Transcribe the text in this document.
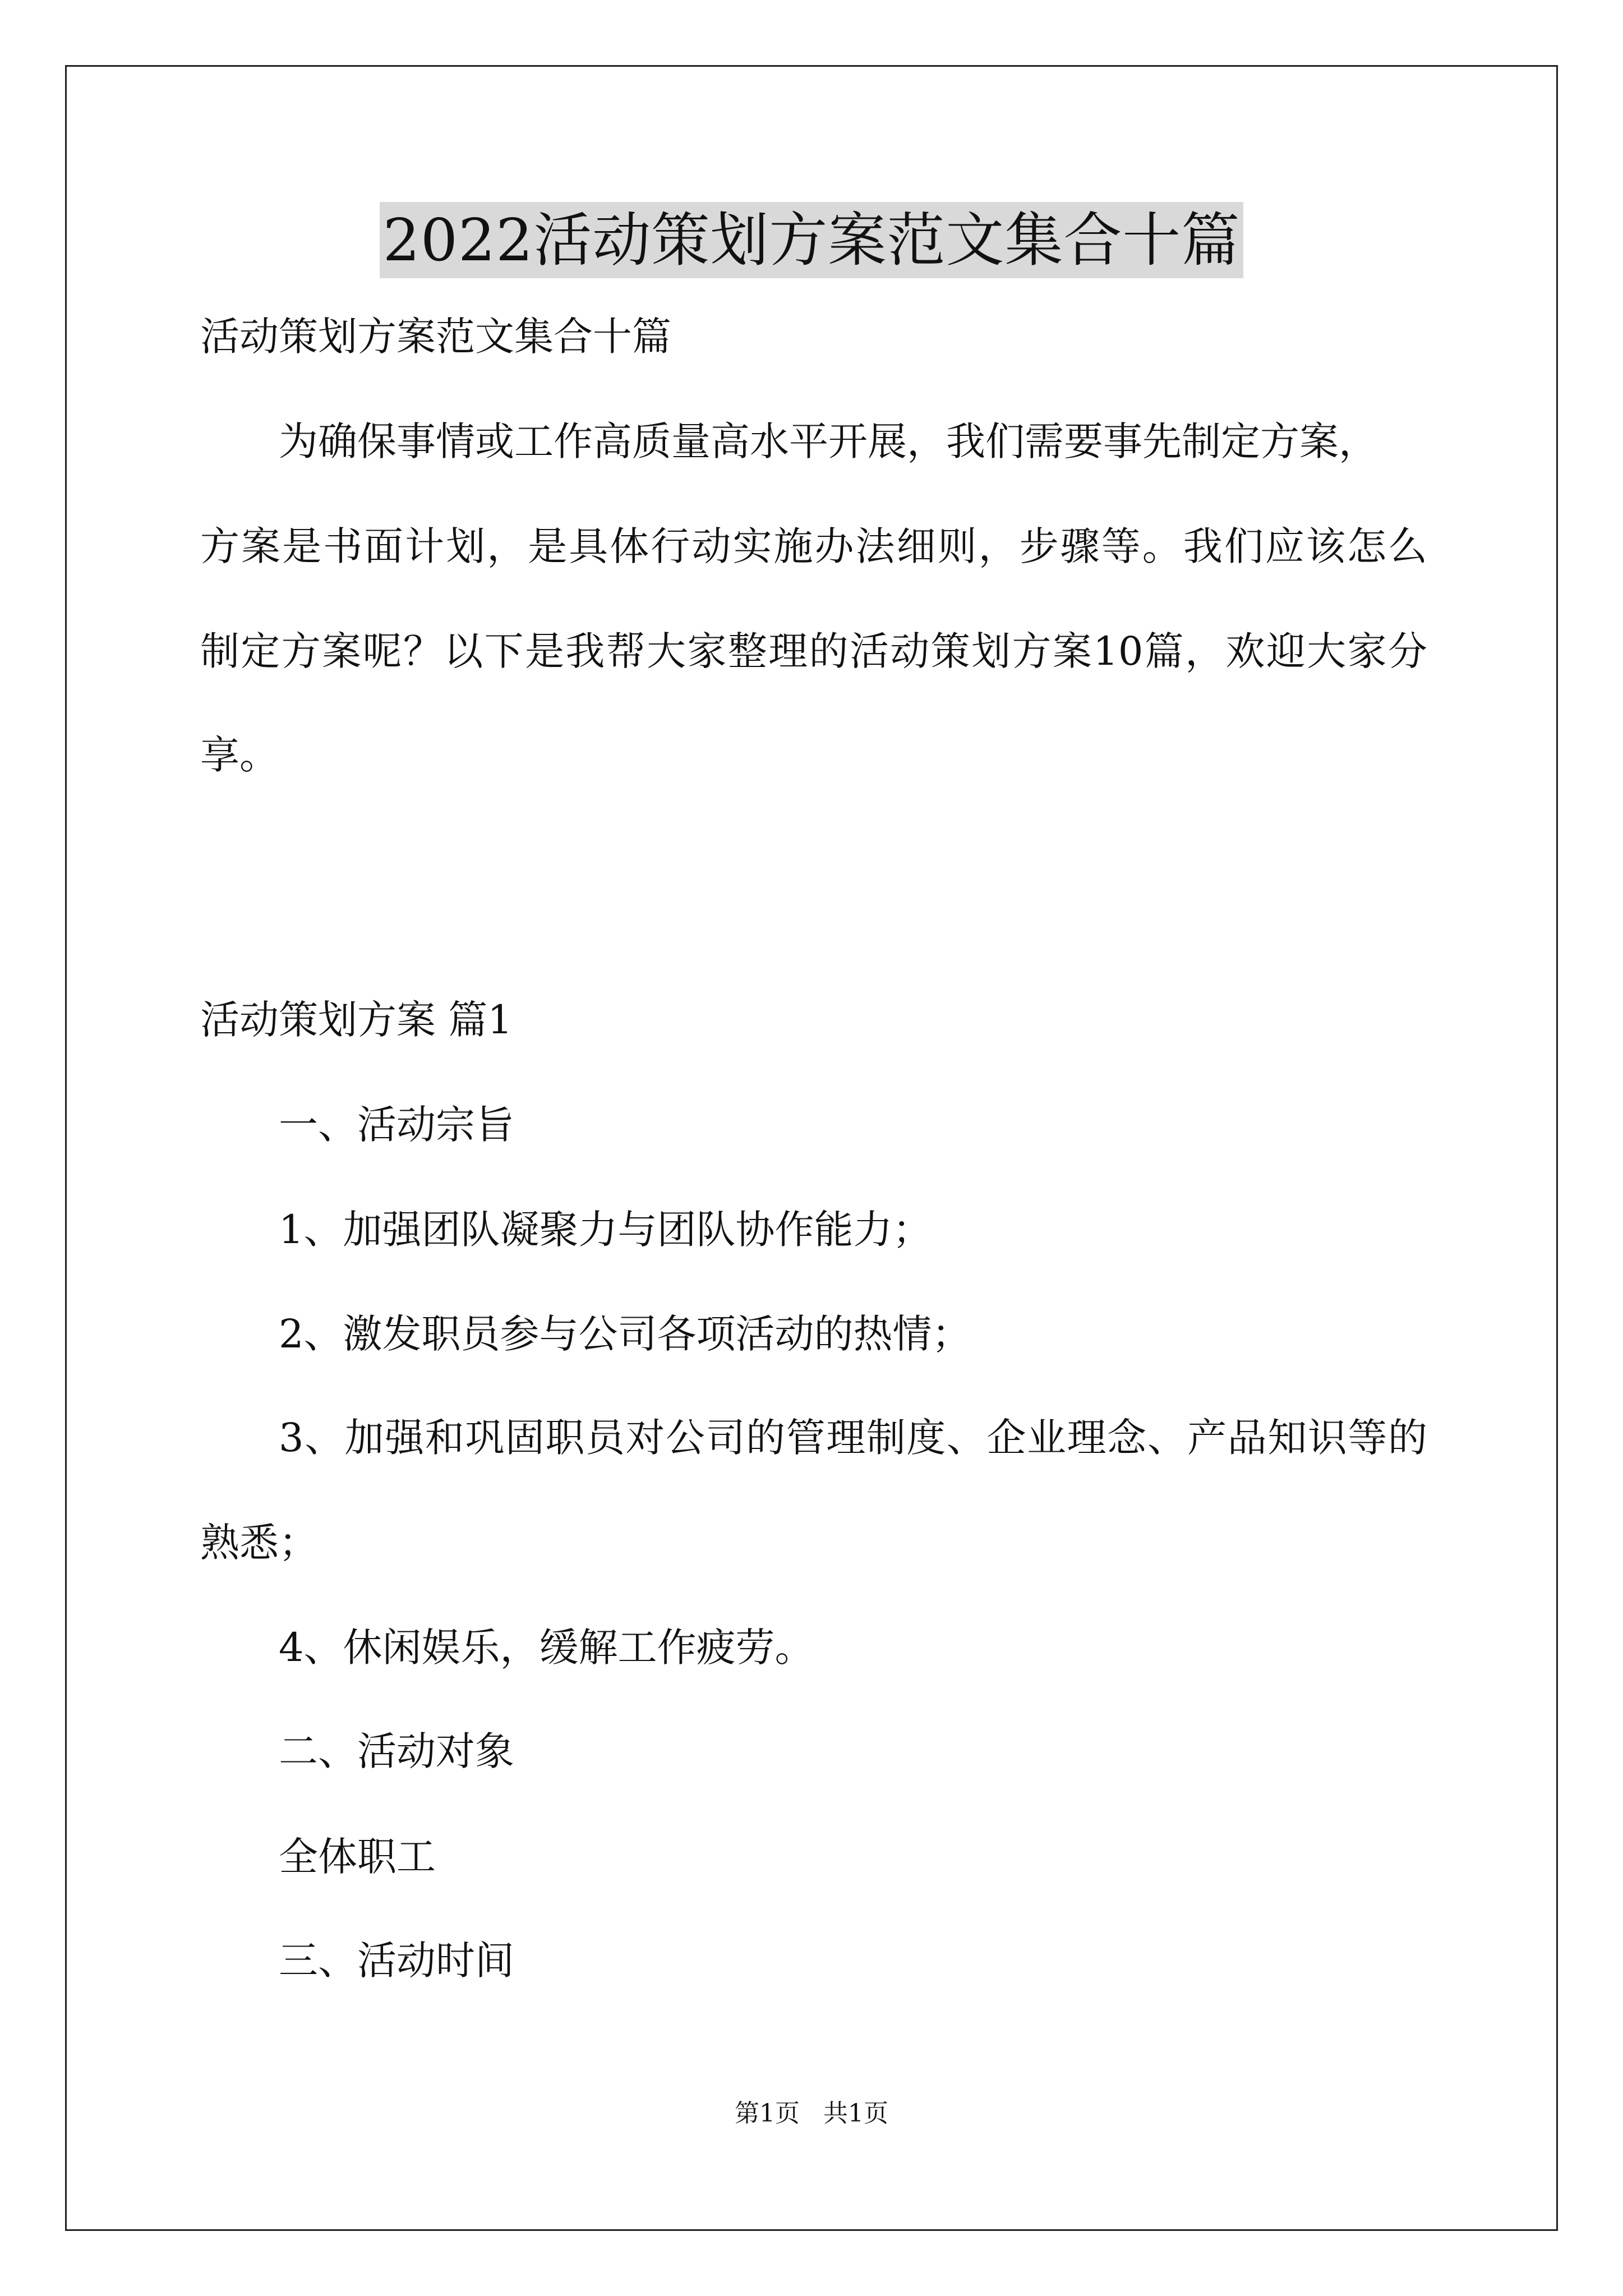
2022活动策划方案范文集合十篇
活动策划方案范文集合十篇
为确保事情或工作高质量高水平开展，我们需要事先制定方案，
方案是书面计划，是具体行动实施办法细则，步骤等。我们应该怎么
制定方案呢？以下是我帮大家整理的活动策划方案10篇，欢迎大家分
享。
活动策划方案 篇1
一、活动宗旨
1、加强团队凝聚力与团队协作能力；
2、激发职员参与公司各项活动的热情；
3、加强和巩固职员对公司的管理制度、企业理念、产品知识等的
熟悉；
4、休闲娱乐，缓解工作疲劳。
二、活动对象
全体职工
三、活动时间
第1页 共1页
